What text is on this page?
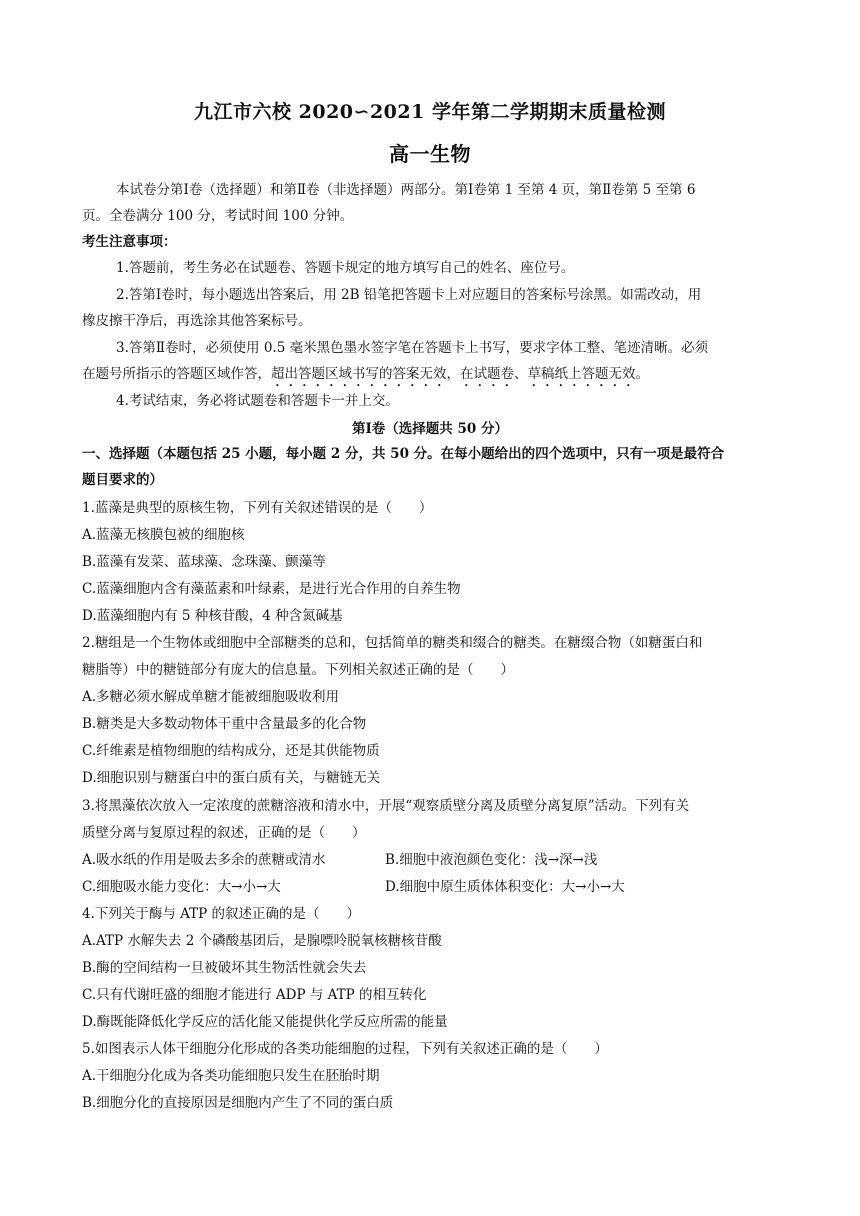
九江市六校 2020∽2021 学年第二学期期末质量检测
高一生物
本试卷分第Ⅰ卷（选择题）和第Ⅱ卷（非选择题）两部分。第Ⅰ卷第 1 至第 4 页，第Ⅱ卷第 5 至第 6
页。全卷满分 100 分，考试时间 100 分钟。
考生注意事项：
1.答题前，考生务必在试题卷、答题卡规定的地方填写自己的姓名、座位号。
2.答第Ⅰ卷时，每小题选出答案后，用 2B 铅笔把答题卡上对应题目的答案标号涂黑。如需改动，用
橡皮擦干净后，再选涂其他答案标号。
3.答第Ⅱ卷时，必须使用 0.5 毫米黑色墨水签字笔在答题卡上书写，要求字体工整、笔迹清晰。必须
在题号所指示的答题区域作答，超出答题区域书写的答案无效，在试题卷、草稿纸上答题无效。
4.考试结束，务必将试题卷和答题卡一并上交。
第Ⅰ卷（选择题共 50 分）
一、选择题（本题包括 25 小题，每小题 2 分，共 50 分。在每小题给出的四个选项中，只有一项是最符合
题目要求的）
1.蓝藻是典型的原核生物，下列有关叙述错误的是（　　）
A.蓝藻无核膜包被的细胞核
B.蓝藻有发菜、蓝球藻、念珠藻、颤藻等
C.蓝藻细胞内含有藻蓝素和叶绿素，是进行光合作用的自养生物
D.蓝藻细胞内有 5 种核苷酸，4 种含氮碱基
2.糖组是一个生物体或细胞中全部糖类的总和，包括简单的糖类和缀合的糖类。在糖缀合物（如糖蛋白和
糖脂等）中的糖链部分有庞大的信息量。下列相关叙述正确的是（　　）
A.多糖必须水解成单糖才能被细胞吸收利用
B.糖类是大多数动物体干重中含量最多的化合物
C.纤维素是植物细胞的结构成分，还是其供能物质
D.细胞识别与糖蛋白中的蛋白质有关，与糖链无关
3.将黑藻依次放入一定浓度的蔗糖溶液和清水中，开展“观察质壁分离及质壁分离复原”活动。下列有关
质壁分离与复原过程的叙述，正确的是（　　）
A.吸水纸的作用是吸去多余的蔗糖或清水	B.细胞中液泡颜色变化：浅→深→浅
C.细胞吸水能力变化：大→小→大	D.细胞中原生质体体积变化：大→小→大
4.下列关于酶与 ATP 的叙述正确的是（　　）
A.ATP 水解失去 2 个磷酸基团后，是腺嘌呤脱氧核糖核苷酸
B.酶的空间结构一旦被破坏其生物活性就会失去
C.只有代谢旺盛的细胞才能进行 ADP 与 ATP 的相互转化
D.酶既能降低化学反应的活化能又能提供化学反应所需的能量
5.如图表示人体干细胞分化形成的各类功能细胞的过程，下列有关叙述正确的是（　　）
A.干细胞分化成为各类功能细胞只发生在胚胎时期
B.细胞分化的直接原因是细胞内产生了不同的蛋白质
